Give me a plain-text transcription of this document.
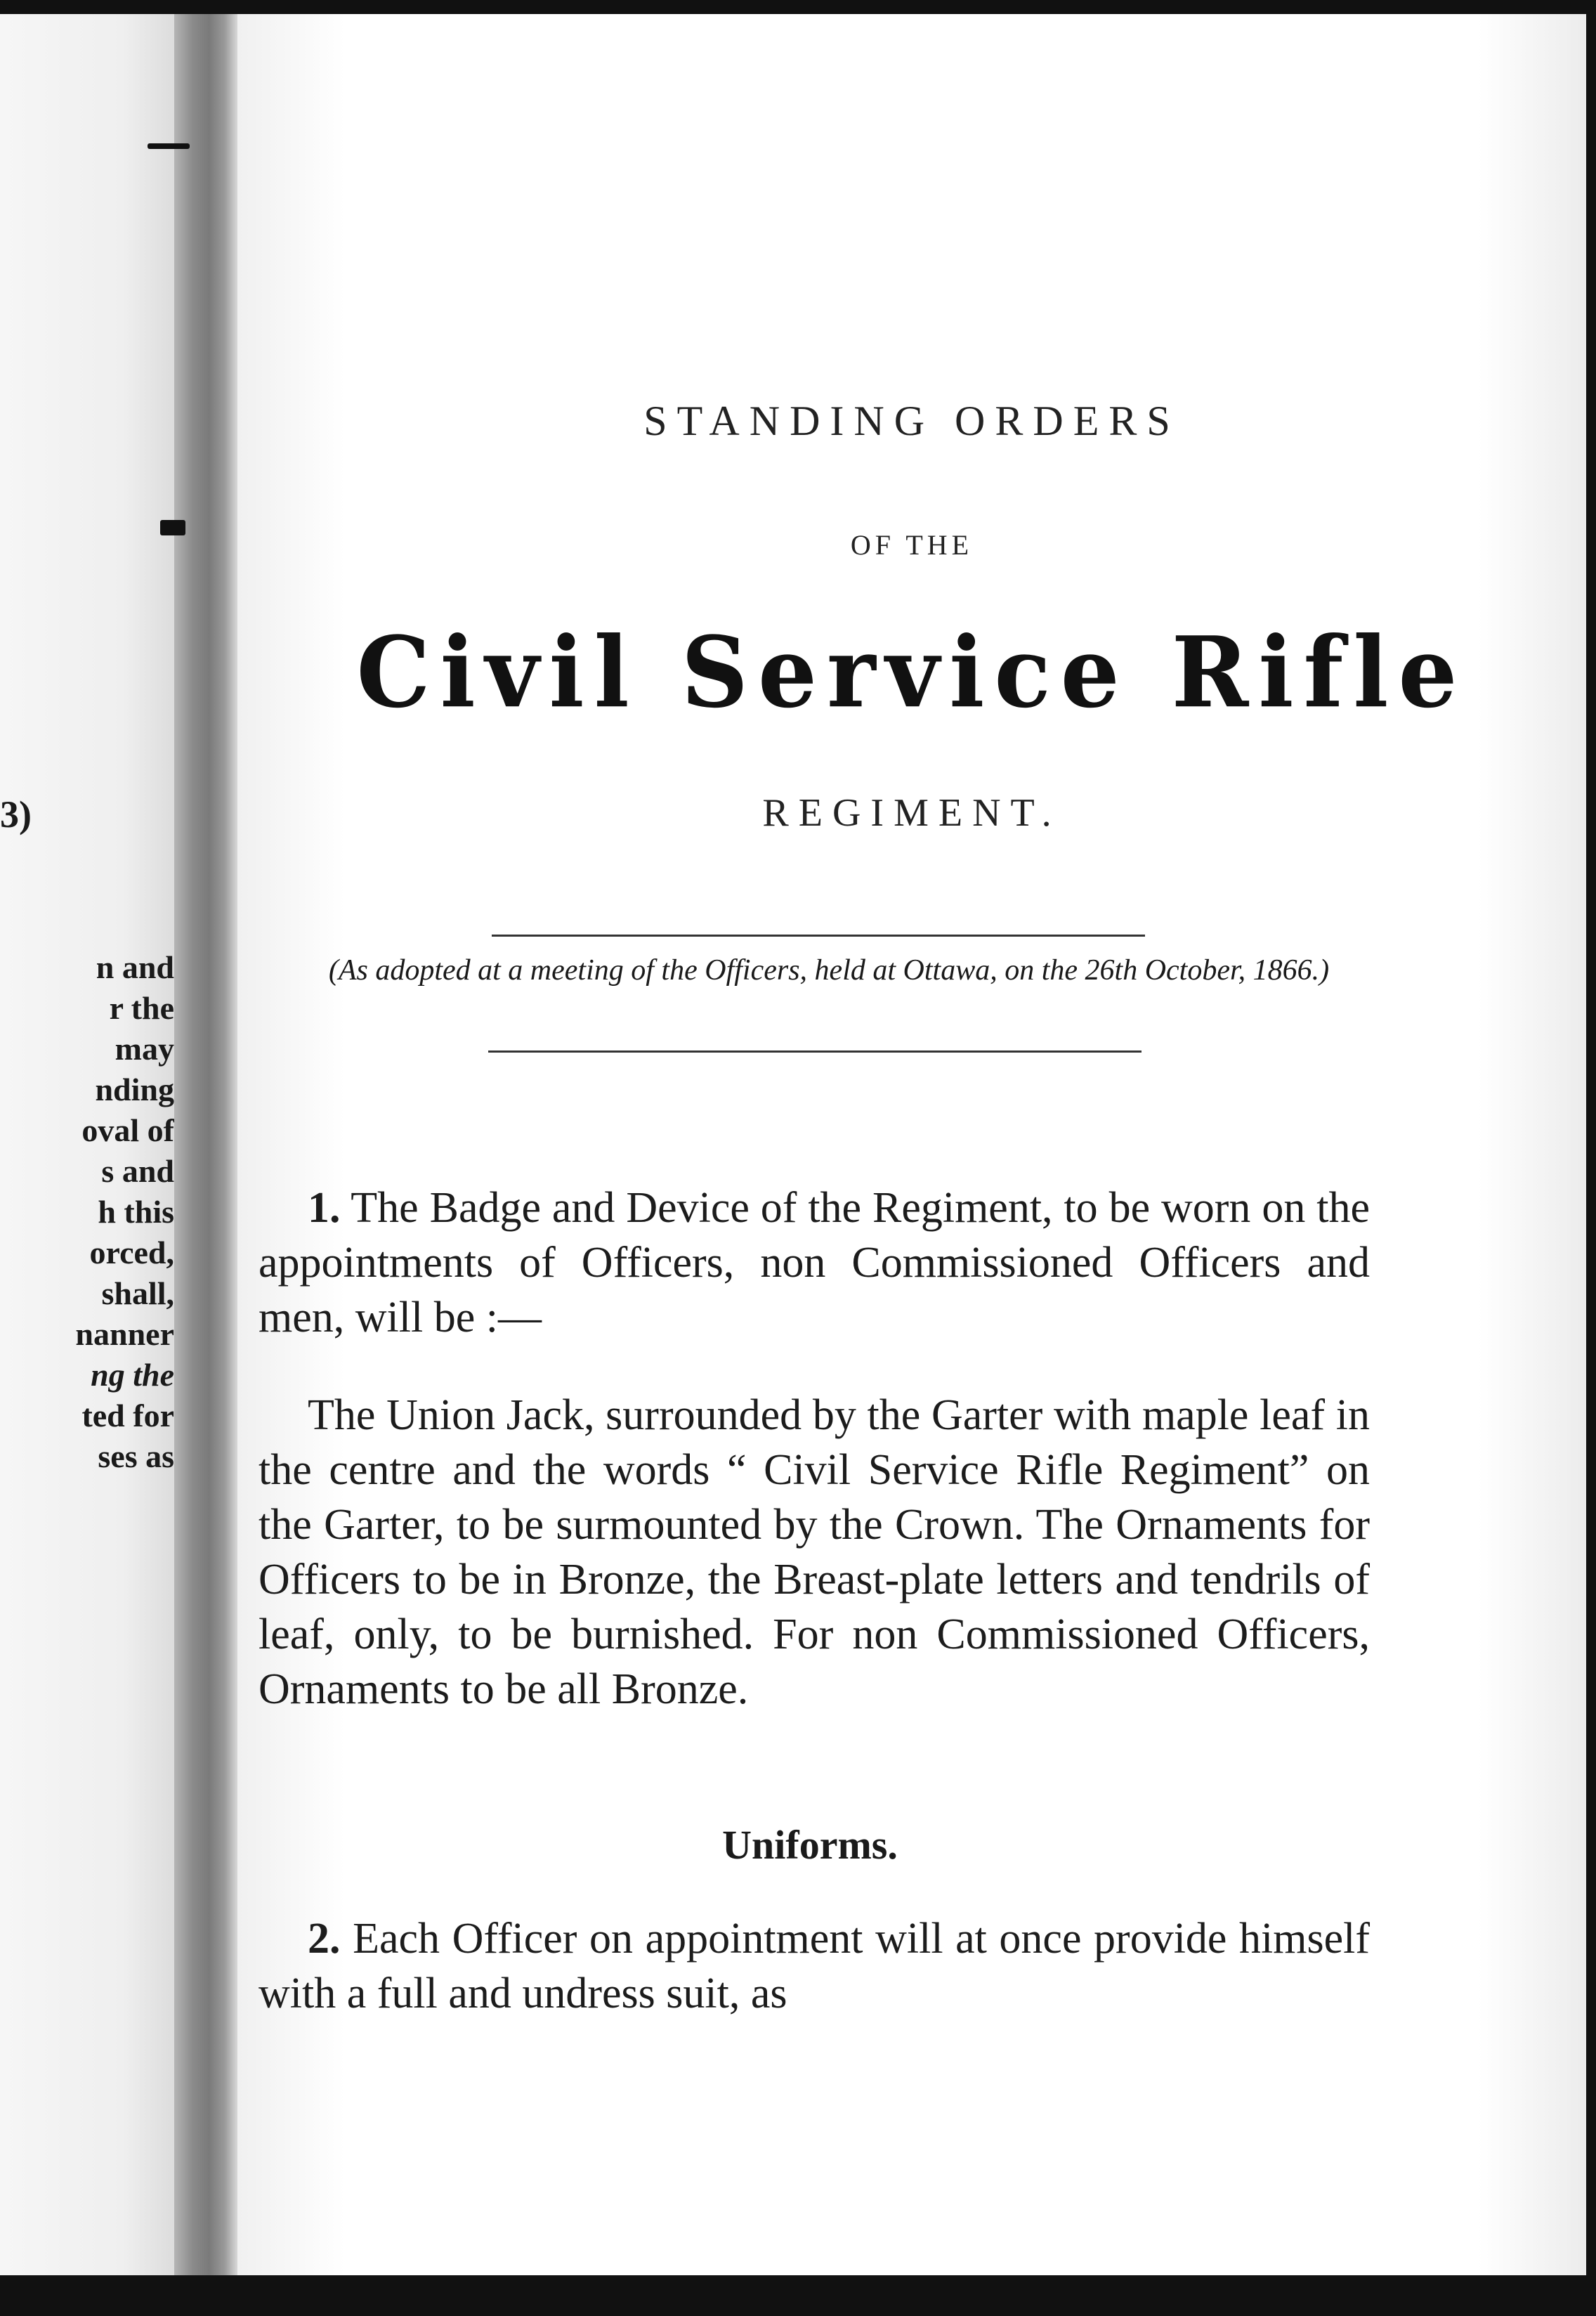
3)
n and
r the
may
nding
oval of
s and
h this
orced,
shall,
nanner
ng the
ted for
ses as
STANDING ORDERS
OF THE
Civil Service Rifle
REGIMENT.
(As adopted at a meeting of the Officers, held at Ottawa, on the 26th October, 1866.)
1. The Badge and Device of the Regiment, to be worn on the appointments of Officers, non Commissioned Officers and men, will be :—
The Union Jack, surrounded by the Garter with maple leaf in the centre and the words “ Civil Service Rifle Regiment” on the Garter, to be surmounted by the Crown. The Ornaments for Officers to be in Bronze, the Breast-plate letters and tendrils of leaf, only, to be burnished. For non Commissioned Officers, Ornaments to be all Bronze.
Uniforms.
2. Each Officer on appointment will at once provide himself with a full and undress suit, as
